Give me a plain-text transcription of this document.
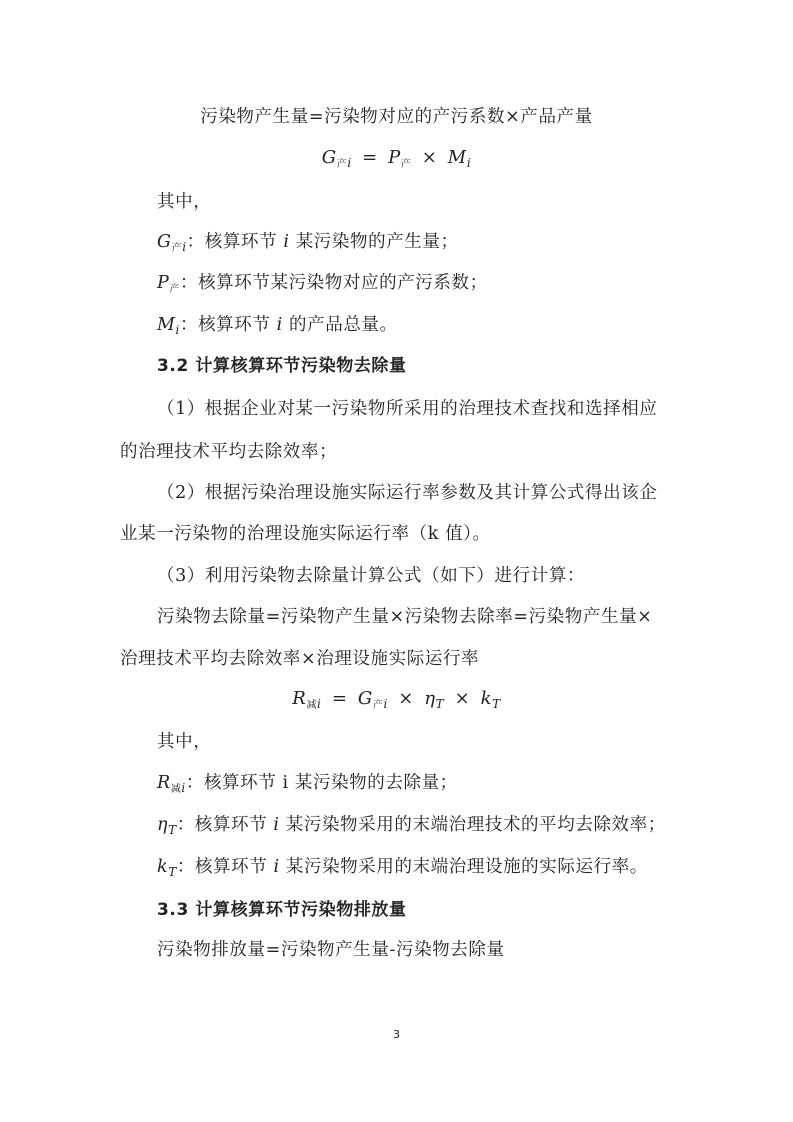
污染物产生量=污染物对应的产污系数×产品产量
$G_{产i} = P_产 \times M_i$
其中，
$G_{产i}$：核算环节 i 某污染物的产生量；
$P_产$：核算环节某污染物对应的产污系数；
$M_i$：核算环节 i 的产品总量。
3.2 计算核算环节污染物去除量
（1）根据企业对某一污染物所采用的治理技术查找和选择相应
的治理技术平均去除效率；
（2）根据污染治理设施实际运行率参数及其计算公式得出该企
业某一污染物的治理设施实际运行率（k 值）。
（3）利用污染物去除量计算公式（如下）进行计算：
污染物去除量=污染物产生量×污染物去除率=污染物产生量×
治理技术平均去除效率×治理设施实际运行率
$R_{减i} = G_{产i} \times \eta_T \times k_T$
其中，
$R_{减i}$：核算环节 i 某污染物的去除量；
$\eta_T$：核算环节 i 某污染物采用的末端治理技术的平均去除效率；
$k_T$：核算环节 i 某污染物采用的末端治理设施的实际运行率。
3.3 计算核算环节污染物排放量
污染物排放量=污染物产生量-污染物去除量
3
